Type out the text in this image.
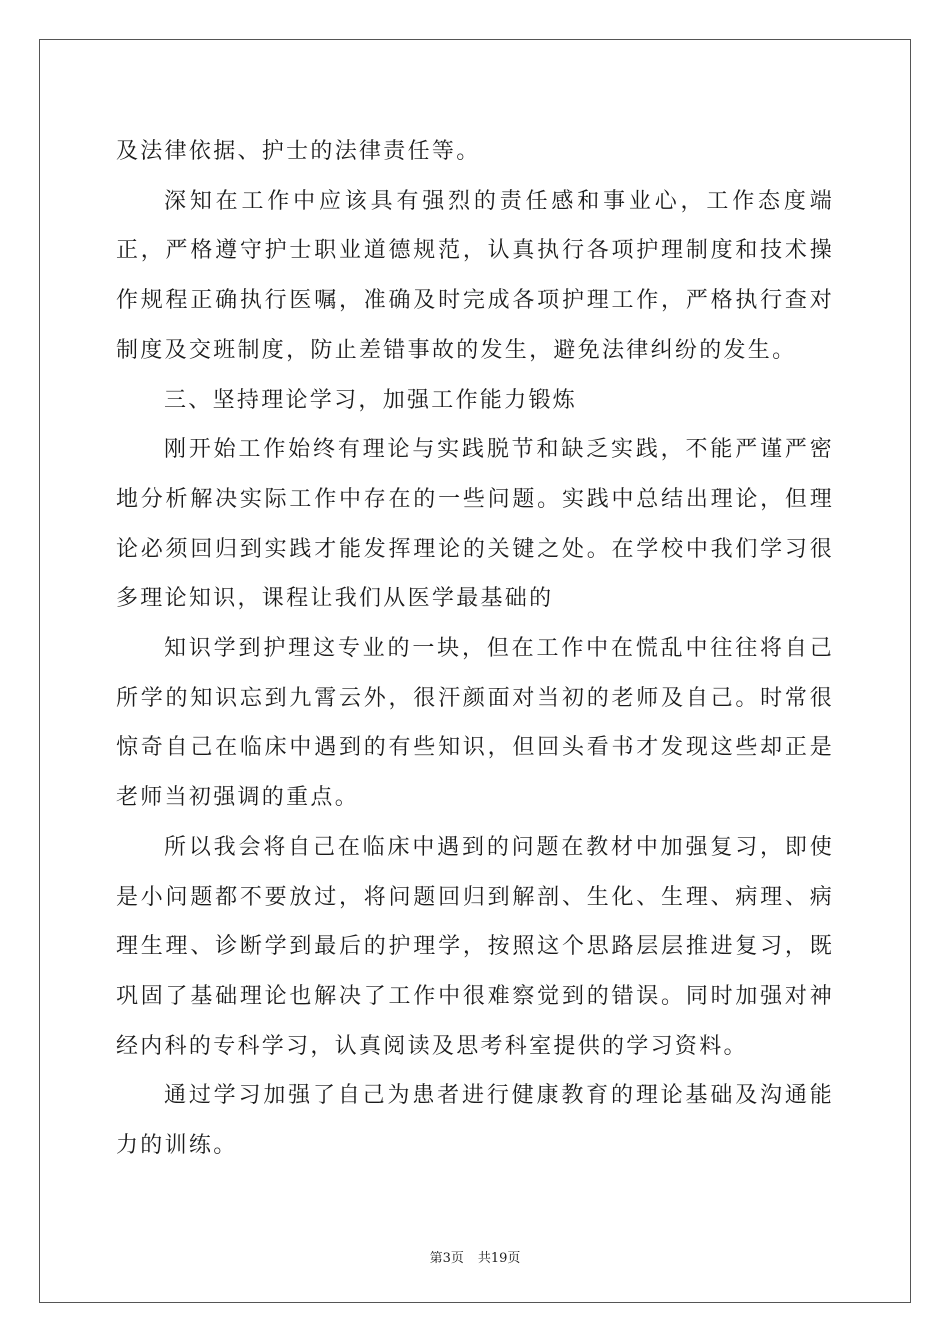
及法律依据、护士的法律责任等。

深知在工作中应该具有强烈的责任感和事业心，工作态度端正，严格遵守护士职业道德规范，认真执行各项护理制度和技术操作规程正确执行医嘱，准确及时完成各项护理工作，严格执行查对制度及交班制度，防止差错事故的发生，避免法律纠纷的发生。

三、坚持理论学习，加强工作能力锻炼

刚开始工作始终有理论与实践脱节和缺乏实践，不能严谨严密地分析解决实际工作中存在的一些问题。实践中总结出理论，但理论必须回归到实践才能发挥理论的关键之处。在学校中我们学习很多理论知识，课程让我们从医学最基础的

知识学到护理这专业的一块，但在工作中在慌乱中往往将自己所学的知识忘到九霄云外，很汗颜面对当初的老师及自己。时常很惊奇自己在临床中遇到的有些知识，但回头看书才发现这些却正是老师当初强调的重点。

所以我会将自己在临床中遇到的问题在教材中加强复习，即使是小问题都不要放过，将问题回归到解剖、生化、生理、病理、病理生理、诊断学到最后的护理学，按照这个思路层层推进复习，既巩固了基础理论也解决了工作中很难察觉到的错误。同时加强对神经内科的专科学习，认真阅读及思考科室提供的学习资料。

通过学习加强了自己为患者进行健康教育的理论基础及沟通能力的训练。

第3页 共19页
